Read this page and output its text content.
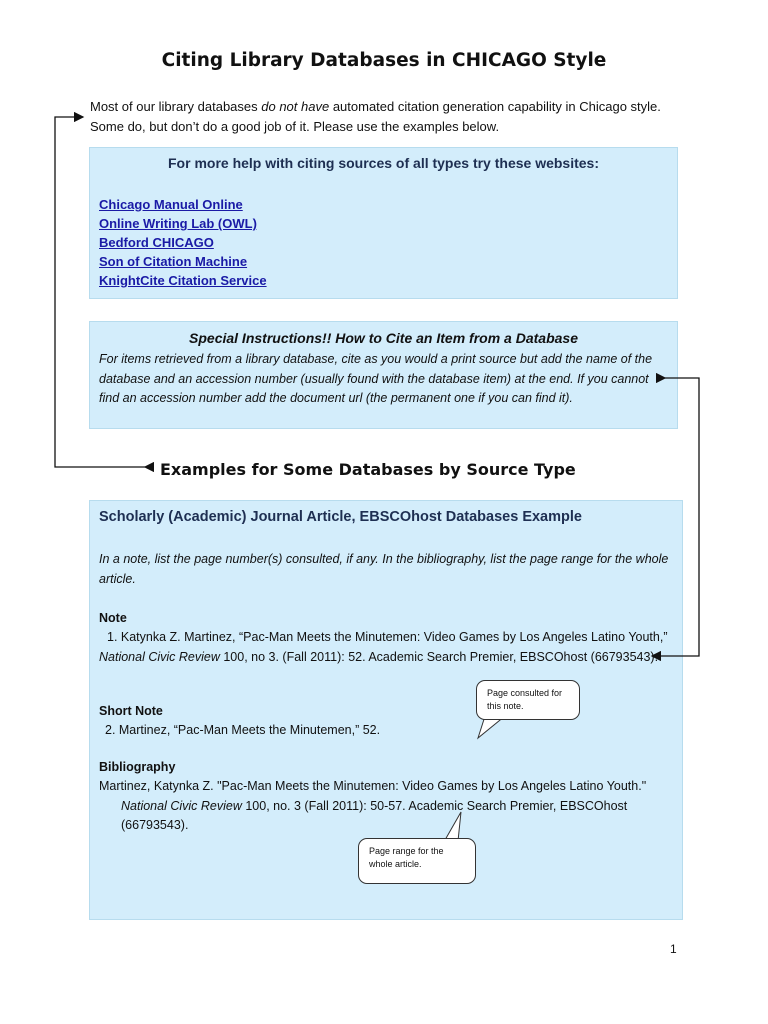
Citing Library Databases in CHICAGO Style
Most of our library databases do not have automated citation generation capability in Chicago style. Some do, but don’t do a good job of it. Please use the examples below.
For more help with citing sources of all types try these websites:
Chicago Manual Online
Online Writing Lab (OWL)
Bedford CHICAGO
Son of Citation Machine
KnightCite Citation Service
Special Instructions!! How to Cite an Item from a Database
For items retrieved from a library database, cite as you would a print source but add the name of the database and an accession number (usually found with the database item) at the end. If you cannot find an accession number add the document url (the permanent one if you can find it).
Examples for Some Databases by Source Type
Scholarly (Academic) Journal Article, EBSCOhost Databases Example
In a note, list the page number(s) consulted, if any. In the bibliography, list the page range for the whole article.
Note
1. Katynka Z. Martinez, “Pac-Man Meets the Minutemen: Video Games by Los Angeles Latino Youth,” National Civic Review 100, no 3. (Fall 2011): 52. Academic Search Premier, EBSCOhost (66793543).
Short Note
2. Martinez, “Pac-Man Meets the Minutemen,” 52.
Bibliography
Martinez, Katynka Z. "Pac-Man Meets the Minutemen: Video Games by Los Angeles Latino Youth." National Civic Review 100, no. 3 (Fall 2011): 50-57. Academic Search Premier, EBSCOhost (66793543).
Page consulted for this note.
Page range for the whole article.
1
